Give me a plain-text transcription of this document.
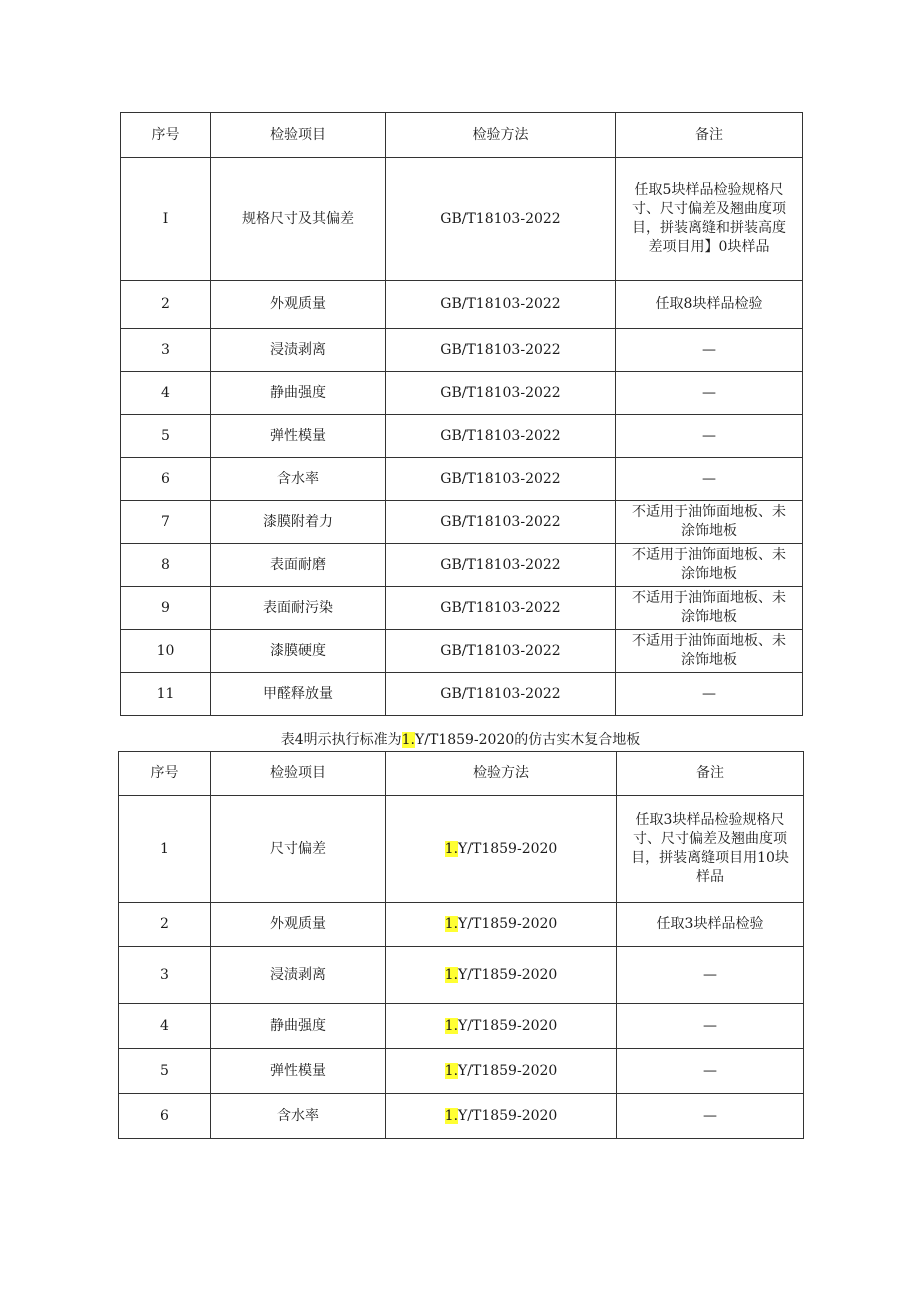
序号	检验项目	检验方法	备注
I	规格尺寸及其偏差	GB/T18103-2022	任取5块样品检验规格尺
寸、尺寸偏差及翘曲度项
目，拼装离缝和拼装高度
差项目用】0块样品
2	外观质量	GB/T18103-2022	任取8块样品检验
3	浸渍剥离	GB/T18103-2022	—
4	静曲强度	GB/T18103-2022	—
5	弹性模量	GB/T18103-2022	—
6	含水率	GB/T18103-2022	—
7	漆膜附着力	GB/T18103-2022	不适用于油饰面地板、未
涂饰地板
8	表面耐磨	GB/T18103-2022	不适用于油饰面地板、未
涂饰地板
9	表面耐污染	GB/T18103-2022	不适用于油饰面地板、未
涂饰地板
10	漆膜硬度	GB/T18103-2022	不适用于油饰面地板、未
涂饰地板
11	甲醛释放量	GB/T18103-2022	—
表4明示执行标准为1.Y/T1859-2020的仿古实木复合地板
序号	检验项目	检验方法	备注
1	尺寸偏差	1.Y/T1859-2020	任取3块样品检验规格尺
寸、尺寸偏差及翘曲度项
目，拼装离缝项目用10块
样品
2	外观质量	1.Y/T1859-2020	任取3块样品检验
3	浸渍剥离	1.Y/T1859-2020	—
4	静曲强度	1.Y/T1859-2020	—
5	弹性模量	1.Y/T1859-2020	—
6	含水率	1.Y/T1859-2020	—
